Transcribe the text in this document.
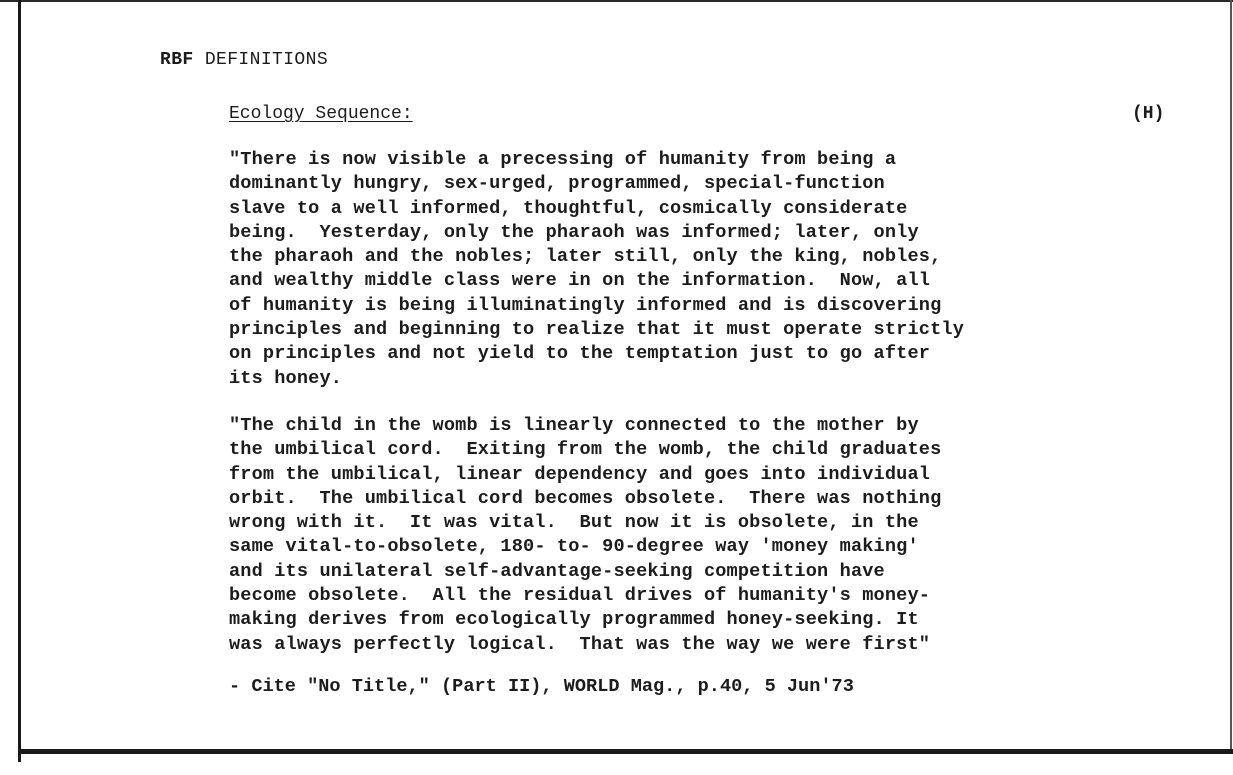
RBF DEFINITIONS
Ecology Sequence:	(H)

"There is now visible a precessing of humanity from being a
dominantly hungry, sex-urged, programmed, special-function
slave to a well informed, thoughtful, cosmically considerate
being.  Yesterday, only the pharaoh was informed; later, only
the pharaoh and the nobles; later still, only the king, nobles,
and wealthy middle class were in on the information.  Now, all
of humanity is being illuminatingly informed and is discovering
principles and beginning to realize that it must operate strictly
on principles and not yield to the temptation just to go after
its honey.

"The child in the womb is linearly connected to the mother by
the umbilical cord.  Exiting from the womb, the child graduates
from the umbilical, linear dependency and goes into individual
orbit.  The umbilical cord becomes obsolete.  There was nothing
wrong with it.  It was vital.  But now it is obsolete, in the
same vital-to-obsolete, 180- to- 90-degree way 'money making'
and its unilateral self-advantage-seeking competition have
become obsolete.  All the residual drives of humanity's money-
making derives from ecologically programmed honey-seeking. It
was always perfectly logical.  That was the way we were first"

- Cite "No Title," (Part II), WORLD Mag., p.40, 5 Jun'73
